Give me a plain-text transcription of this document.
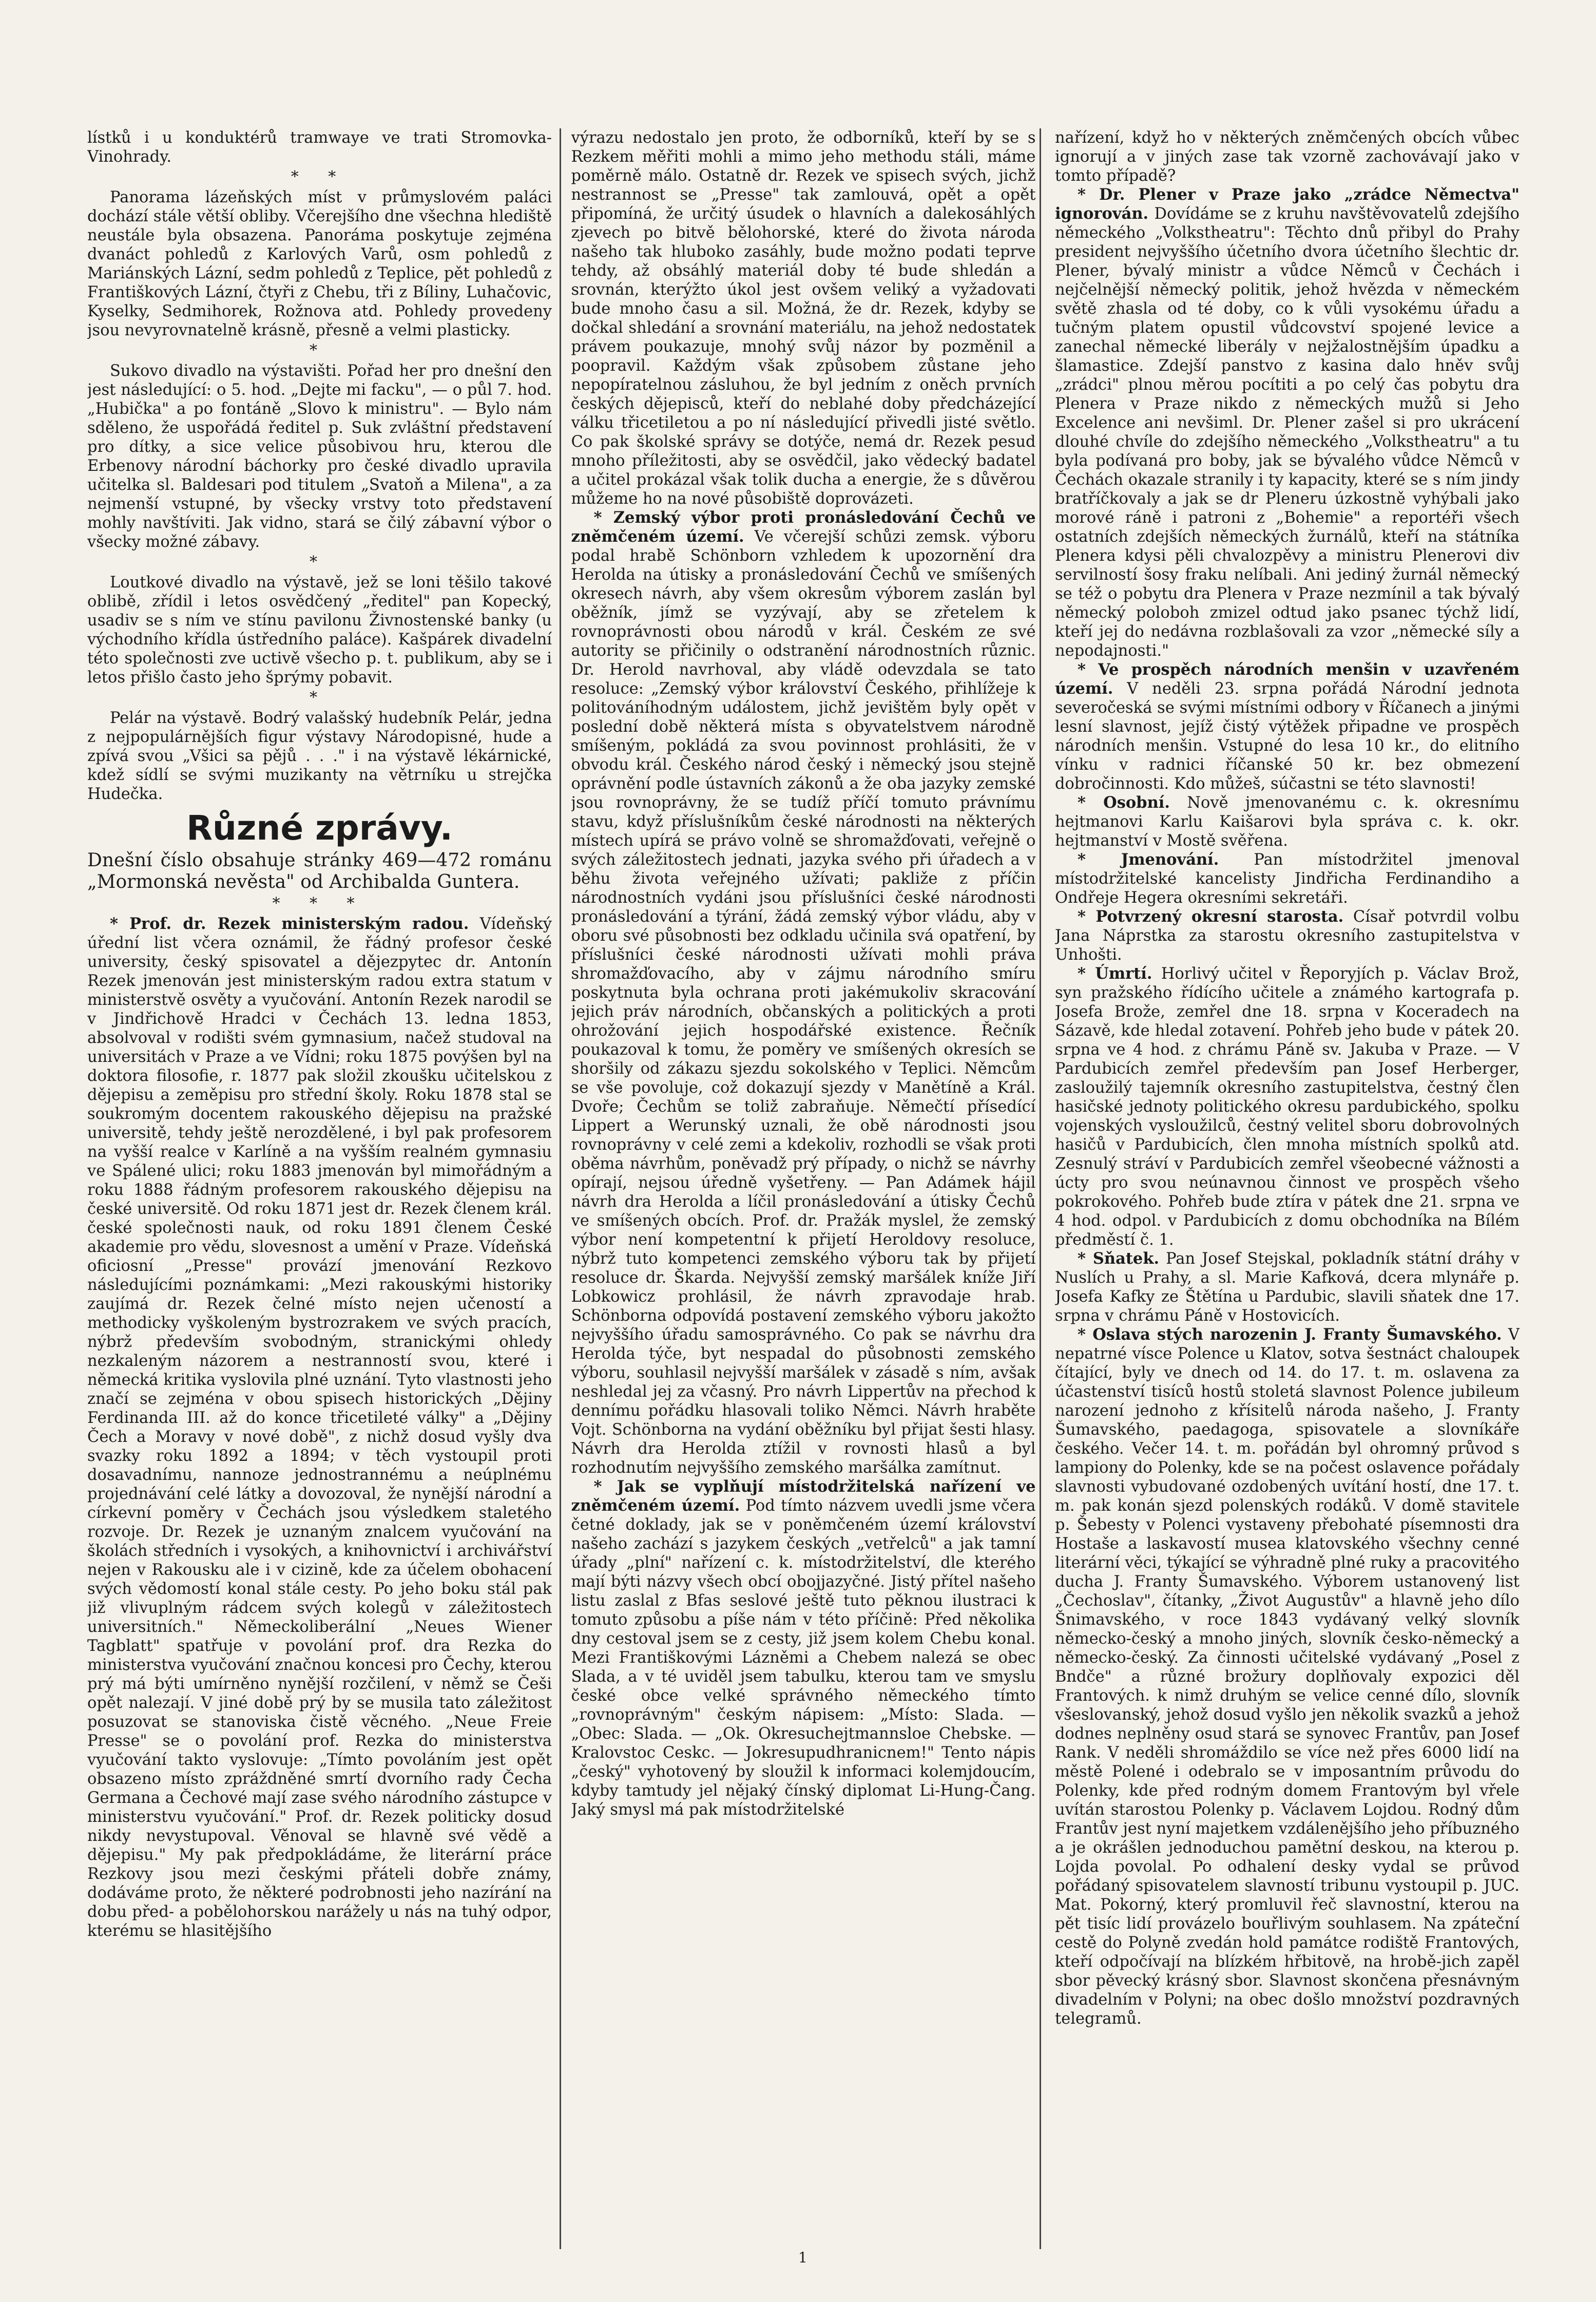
lístků i u konduktérů tramwaye ve trati Stromovka-Vinohrady.

* *

Panorama lázeňských míst v průmyslovém paláci dochází stále větší obliby. Včerejšího dne všechna hlediště neustále byla obsazena. Panoráma poskytuje zejména dvanáct pohledů z Karlových Varů, osm pohledů z Mariánských Lázní, sedm pohledů z Teplice, pět pohledů z Františkových Lázní, čtyři z Chebu, tři z Bíliny, Luhačovic, Kyselky, Sedmihorek, Rožnova atd. Pohledy provedeny jsou nevyrovnatelně krásně, přesně a velmi plasticky.

*

Sukovo divadlo na výstavišti. Pořad her pro dnešní den jest následující: o 5. hod. „Dejte mi facku", — o půl 7. hod. „Hubička" a po fontáně „Slovo k ministru". — Bylo nám sděleno, že uspořádá ředitel p. Suk zvláštní představení pro dítky, a sice velice působivou hru, kterou dle Erbenovy národní báchorky pro české divadlo upravila učitelka sl. Baldesari pod titulem „Svatoň a Milena", a za nejmenší vstupné, by všecky vrstvy toto představení mohly navštíviti. Jak vidno, stará se čilý zábavní výbor o všecky možné zábavy.

*

Loutkové divadlo na výstavě, jež se loni těšilo takové oblibě, zřídil i letos osvědčený „ředitel" pan Kopecký, usadiv se s ním ve stínu pavilonu Živnostenské banky (u východního křídla ústředního paláce). Kašpárek divadelní této společnosti zve uctivě všecho p. t. publikum, aby se i letos přišlo často jeho šprýmy pobavit.

*

Pelár na výstavě. Bodrý valašský hudebník Pelár, jedna z nejpopulárnějších figur výstavy Národopisné, hude a zpívá svou „Všici sa pějů . . ." i na výstavě lékárnické, kdež sídlí se svými muzikanty na větrníku u strejčka Hudečka.

Různé zprávy.

Dnešní číslo obsahuje stránky 469—472 románu „Mormonská nevěsta" od Archibalda Guntera.

* * *

* Prof. dr. Rezek ministerským radou. Vídeňský úřední list včera oznámil, že řádný profesor české university, český spisovatel a dějezpytec dr. Antonín Rezek jmenován jest ministerským radou extra statum v ministerstvě osvěty a vyučování. Antonín Rezek narodil se v Jindřichově Hradci v Čechách 13. ledna 1853, absolvoval v rodišti svém gymnasium, načež studoval na universitách v Praze a ve Vídni; roku 1875 povýšen byl na doktora filosofie, r. 1877 pak složil zkoušku učitelskou z dějepisu a zeměpisu pro střední školy. Roku 1878 stal se soukromým docentem rakouského dějepisu na pražské universitě, tehdy ještě nerozdělené, i byl pak profesorem na vyšší realce v Karlíně a na vyšším realném gymnasiu ve Spálené ulici; roku 1883 jmenován byl mimořádným a roku 1888 řádným profesorem rakouského dějepisu na české universitě. Od roku 1871 jest dr. Rezek členem král. české společnosti nauk, od roku 1891 členem České akademie pro vědu, slovesnost a umění v Praze. Vídeňská oficiosní „Presse" provází jmenování Rezkovo následujícími poznámkami: „Mezi rakouskými historiky zaujímá dr. Rezek čelné místo nejen učeností a methodicky vyškoleným bystrozrakem ve svých pracích, nýbrž především svobodným, stranickými ohledy nezkaleným názorem a nestranností svou, které i německá kritika vyslovila plné uznání. Tyto vlastnosti jeho značí se zejména v obou spisech historických „Dějiny Ferdinanda III. až do konce třicetileté války" a „Dějiny Čech a Moravy v nové době", z nichž dosud vyšly dva svazky roku 1892 a 1894; v těch vystoupil proti dosavadnímu, nannoze jednostrannému a neúplnému projednávání celé látky a dovozoval, že nynější národní a církevní poměry v Čechách jsou výsledkem staletého rozvoje. Dr. Rezek je uznaným znalcem vyučování na školách středních i vysokých, a knihovnictví i archivářství nejen v Rakousku ale i v cizině, kde za účelem obohacení svých vědomostí konal stále cesty. Po jeho boku stál pak již vlivuplným rádcem svých kolegů v záležitostech universitních." Německoliberální „Neues Wiener Tagblatt" spatřuje v povolání prof. dra Rezka do ministerstva vyučování značnou koncesi pro Čechy, kterou prý má býti umírněno nynější rozčilení, v němž se Češi opět nalezají. V jiné době prý by se musila tato záležitost posuzovat se stanoviska čistě věcného. „Neue Freie Presse" se o povolání prof. Rezka do ministerstva vyučování takto vyslovuje: „Tímto povoláním jest opět obsazeno místo zpráždněné smrtí dvorního rady Čecha Germana a Čechové mají zase svého národního zástupce v ministerstvu vyučování." Prof. dr. Rezek politicky dosud nikdy nevystupoval. Věnoval se hlavně své vědě a dějepisu." My pak předpokládáme, že literární práce Rezkovy jsou mezi českými přáteli dobře známy, dodáváme proto, že některé podrobnosti jeho nazírání na dobu před- a pobělohorskou narážely u nás na tuhý odpor, kterému se hlasitějšího

výrazu nedostalo jen proto, že odborníků, kteří by se s Rezkem měřiti mohli a mimo jeho methodu stáli, máme poměrně málo. Ostatně dr. Rezek ve spisech svých, jichž nestrannost se „Presse" tak zamlouvá, opět a opět připomíná, že určitý úsudek o hlavních a dalekosáhlých zjevech po bitvě bělohorské, které do života národa našeho tak hluboko zasáhly, bude možno podati teprve tehdy, až obsáhlý materiál doby té bude shledán a srovnán, kterýžto úkol jest ovšem veliký a vyžadovati bude mnoho času a sil. Možná, že dr. Rezek, kdyby se dočkal shledání a srovnání materiálu, na jehož nedostatek právem poukazuje, mnohý svůj názor by pozměnil a poopravil. Každým však způsobem zůstane jeho nepopíratelnou zásluhou, že byl jedním z oněch prvních českých dějepisců, kteří do neblahé doby předcházející válku třicetiletou a po ní následující přivedli jisté světlo. Co pak školské správy se dotýče, nemá dr. Rezek pesud mnoho příležitosti, aby se osvědčil, jako vědecký badatel a učitel prokázal však tolik ducha a energie, že s důvěrou můžeme ho na nové působiště doprovázeti.

* Zemský výbor proti pronásledování Čechů ve zněmčeném území. Ve včerejší schůzi zemsk. výboru podal hrabě Schönborn vzhledem k upozornění dra Herolda na útisky a pronásledování Čechů ve smíšených okresech návrh, aby všem okresům výborem zaslán byl oběžník, jímž se vyzývají, aby se zřetelem k rovnoprávnosti obou národů v král. Českém ze své autority se přičinily o odstranění národnostních různic. Dr. Herold navrhoval, aby vládě odevzdala se tato resoluce: „Zemský výbor království Českého, přihlížeje k politováníhodným událostem, jichž jevištěm byly opět v poslední době některá místa s obyvatelstvem národně smíšeným, pokládá za svou povinnost prohlásiti, že v obvodu král. Českého národ český i německý jsou stejně oprávnění podle ústavních zákonů a že oba jazyky zemské jsou rovnoprávny, že se tudíž příčí tomuto právnímu stavu, když příslušníkům české národnosti na některých místech upírá se právo volně se shromažďovati, veřejně o svých záležitostech jednati, jazyka svého při úřadech a v běhu života veřejného užívati; pakliže z příčin národnostních vydáni jsou příslušníci české národnosti pronásledování a týrání, žádá zemský výbor vládu, aby v oboru své působnosti bez odkladu učinila svá opatření, by příslušníci české národnosti užívati mohli práva shromažďovacího, aby v zájmu národního smíru poskytnuta byla ochrana proti jakémukoliv skracování jejich práv národních, občanských a politických a proti ohrožování jejich hospodářské existence. Řečník poukazoval k tomu, že poměry ve smíšených okresích se shoršily od zákazu sjezdu sokolského v Teplici. Němcům se vše povoluje, což dokazují sjezdy v Manětíně a Král. Dvoře; Čechům se toliž zabraňuje. Němečtí přísedící Lippert a Werunský uznali, že obě národnosti jsou rovnoprávny v celé zemi a kdekoliv, rozhodli se však proti oběma návrhům, poněvadž prý případy, o nichž se návrhy opírají, nejsou úředně vyšetřeny. — Pan Adámek hájil návrh dra Herolda a líčil pronásledování a útisky Čechů ve smíšených obcích. Prof. dr. Pražák myslel, že zemský výbor není kompetentní k přijetí Heroldovy resoluce, nýbrž tuto kompetenci zemského výboru tak by přijetí resoluce dr. Škarda. Nejvyšší zemský maršálek kníže Jiří Lobkowicz prohlásil, že návrh zpravodaje hrab. Schönborna odpovídá postavení zemského výboru jakožto nejvyššího úřadu samosprávného. Co pak se návrhu dra Herolda týče, byt nespadal do působnosti zemského výboru, souhlasil nejvyšší maršálek v zásadě s ním, avšak neshledal jej za včasný. Pro návrh Lippertův na přechod k dennímu pořádku hlasovali toliko Němci. Návrh hraběte Vojt. Schönborna na vydání oběžníku byl přijat šesti hlasy. Návrh dra Herolda ztížil v rovnosti hlasů a byl rozhodnutím nejvyššího zemského maršálka zamítnut.

* Jak se vyplňují místodržitelská nařízení ve zněmčeném území. Pod tímto názvem uvedli jsme včera četné doklady, jak se v poněmčeném území království našeho zachází s jazykem českých „vetřelců" a jak tamní úřady „plní" nařízení c. k. místodržitelství, dle kterého mají býti názvy všech obcí obojjazyčné. Jistý přítel našeho listu zaslal z Bfas seslové ještě tuto pěknou ilustraci k tomuto způsobu a píše nám v této příčině: Před několika dny cestoval jsem se z cesty, již jsem kolem Chebu konal. Mezi Františkovými Lázněmi a Chebem nalezá se obec Slada, a v té uviděl jsem tabulku, kterou tam ve smyslu české obce velké správného německého tímto „rovnoprávným" českým nápisem: „Místo: Slada. — „Obec: Slada. — „Ok. Okresuchejtmannsloe Chebske. — Kralovstoc Ceskc. — Jokresupudhranicnem!" Tento nápis „český" vyhotovený by sloužil k informaci kolemjdoucím, kdyby tamtudy jel nějaký čínský diplomat Li-Hung-Čang. Jaký smysl má pak místodržitelské

nařízení, když ho v některých zněmčených obcích vůbec ignorují a v jiných zase tak vzorně zachovávají jako v tomto případě?

* Dr. Plener v Praze jako „zrádce Němectva" ignorován. Dovídáme se z kruhu navštěvovatelů zdejšího německého „Volkstheatru": Těchto dnů přibyl do Prahy president nejvyššího účetního dvora účetního šlechtic dr. Plener, bývalý ministr a vůdce Němců v Čechách i nejčelnější německý politik, jehož hvězda v německém světě zhasla od té doby, co k vůli vysokému úřadu a tučným platem opustil vůdcovství spojené levice a zanechal německé liberály v nejžalostnějším úpadku a šlamastice. Zdejší panstvo z kasina dalo hněv svůj „zrádci" plnou měrou pocítiti a po celý čas pobytu dra Plenera v Praze nikdo z německých mužů si Jeho Excelence ani nevšiml. Dr. Plener zašel si pro ukrácení dlouhé chvíle do zdejšího německého „Volkstheatru" a tu byla podívaná pro boby, jak se bývalého vůdce Němců v Čechách okazale stranily i ty kapacity, které se s ním jindy bratříčkovaly a jak se dr Pleneru úzkostně vyhýbali jako morové ráně i patroni z „Bohemie" a reportéři všech ostatních zdejších německých žurnálů, kteří na státníka Plenera kdysi pěli chvalozpěvy a ministru Plenerovi div servilností šosy fraku nelíbali. Ani jediný žurnál německý se též o pobytu dra Plenera v Praze nezmínil a tak bývalý německý poloboh zmizel odtud jako psanec týchž lidí, kteří jej do nedávna rozblašovali za vzor „německé síly a nepodajnosti."

* Ve prospěch národních menšin v uzavřeném území. V neděli 23. srpna pořádá Národní jednota severočeská se svými místními odbory v Říčanech a jinými lesní slavnost, jejíž čistý výtěžek připadne ve prospěch národních menšin. Vstupné do lesa 10 kr., do elitního vínku v radnici říčanské 50 kr. bez obmezení dobročinnosti. Kdo můžeš, súčastni se této slavnosti!

* Osobní. Nově jmenovanému c. k. okresnímu hejtmanovi Karlu Kaišarovi byla správa c. k. okr. hejtmanství v Mostě svěřena.

* Jmenování. Pan místodržitel jmenoval místodržitelské kancelisty Jindřicha Ferdinandiho a Ondřeje Hegera okresními sekretáři.

* Potvrzený okresní starosta. Císař potvrdil volbu Jana Náprstka za starostu okresního zastupitelstva v Unhošti.

* Úmrtí. Horlivý učitel v Řeporyjích p. Václav Brož, syn pražského řídícího učitele a známého kartografa p. Josefa Brože, zemřel dne 18. srpna v Koceradech na Sázavě, kde hledal zotavení. Pohřeb jeho bude v pátek 20. srpna ve 4 hod. z chrámu Páně sv. Jakuba v Praze. — V Pardubicích zemřel především pan Josef Herberger, zasloužilý tajemník okresního zastupitelstva, čestný člen hasičské jednoty politického okresu pardubického, spolku vojenských vysloužilců, čestný velitel sboru dobrovolných hasičů v Pardubicích, člen mnoha místních spolků atd. Zesnulý stráví v Pardubicích zemřel všeobecné vážnosti a úcty pro svou neúnavnou činnost ve prospěch všeho pokrokového. Pohřeb bude ztíra v pátek dne 21. srpna ve 4 hod. odpol. v Pardubicích z domu obchodníka na Bílém předměstí č. 1.

* Sňatek. Pan Josef Stejskal, pokladník státní dráhy v Nuslích u Prahy, a sl. Marie Kafková, dcera mlynáře p. Josefa Kafky ze Štětína u Pardubic, slavili sňatek dne 17. srpna v chrámu Páně v Hostovicích.

* Oslava stých narozenin J. Franty Šumavského. V nepatrné vísce Polence u Klatov, sotva šestnáct chaloupek čítající, byly ve dnech od 14. do 17. t. m. oslavena za účastenství tisíců hostů stoletá slavnost Polence jubileum narození jednoho z křísitelů národa našeho, J. Franty Šumavského, paedagoga, spisovatele a slovníkáře českého. Večer 14. t. m. pořádán byl ohromný průvod s lampiony do Polenky, kde se na počest oslavence pořádaly slavnosti vybudované ozdobených uvítání hostí, dne 17. t. m. pak konán sjezd polenských rodáků. V domě stavitele p. Šebesty v Polenci vystaveny přebohaté písemnosti dra Hostaše a laskavostí musea klatovského všechny cenné literární věci, týkající se výhradně plné ruky a pracovitého ducha J. Franty Šumavského. Výborem ustanovený list „Čechoslav", čítanky, „Život Augustův" a hlavně jeho dílo Šnimavského, v roce 1843 vydávaný velký slovník německo-český a mnoho jiných, slovník česko-německý a německo-český. Za činnosti učitelské vydávaný „Posel z Bndče" a různé brožury doplňovaly expozici děl Frantových. k nimž druhým se velice cenné dílo, slovník všeslovanský, jehož dosud vyšlo jen několik svazků a jehož dodnes neplněny osud stará se synovec Frantův, pan Josef Rank. V neděli shromáždilo se více než přes 6000 lidí na městě Polené i odebralo se v imposantním průvodu do Polenky, kde před rodným domem Frantovým byl vřele uvítán starostou Polenky p. Václavem Lojdou. Rodný dům Frantův jest nyní majetkem vzdálenějšího jeho příbuzného a je okrášlen jednoduchou pamětní deskou, na kterou p. Lojda povolal. Po odhalení desky vydal se průvod pořádaný spisovatelem slavností tribunu vystoupil p. JUC. Mat. Pokorný, který promluvil řeč slavnostní, kterou na pět tisíc lidí provázelo bouřlivým souhlasem. Na zpáteční cestě do Polyně zvedán hold památce rodiště Frantových, kteří odpočívají na blízkém hřbitově, na hrobě-jich zapěl sbor pěvecký krásný sbor. Slavnost skončena přesnávným divadelním v Polyni; na obec došlo množství pozdravných telegramů.

1
